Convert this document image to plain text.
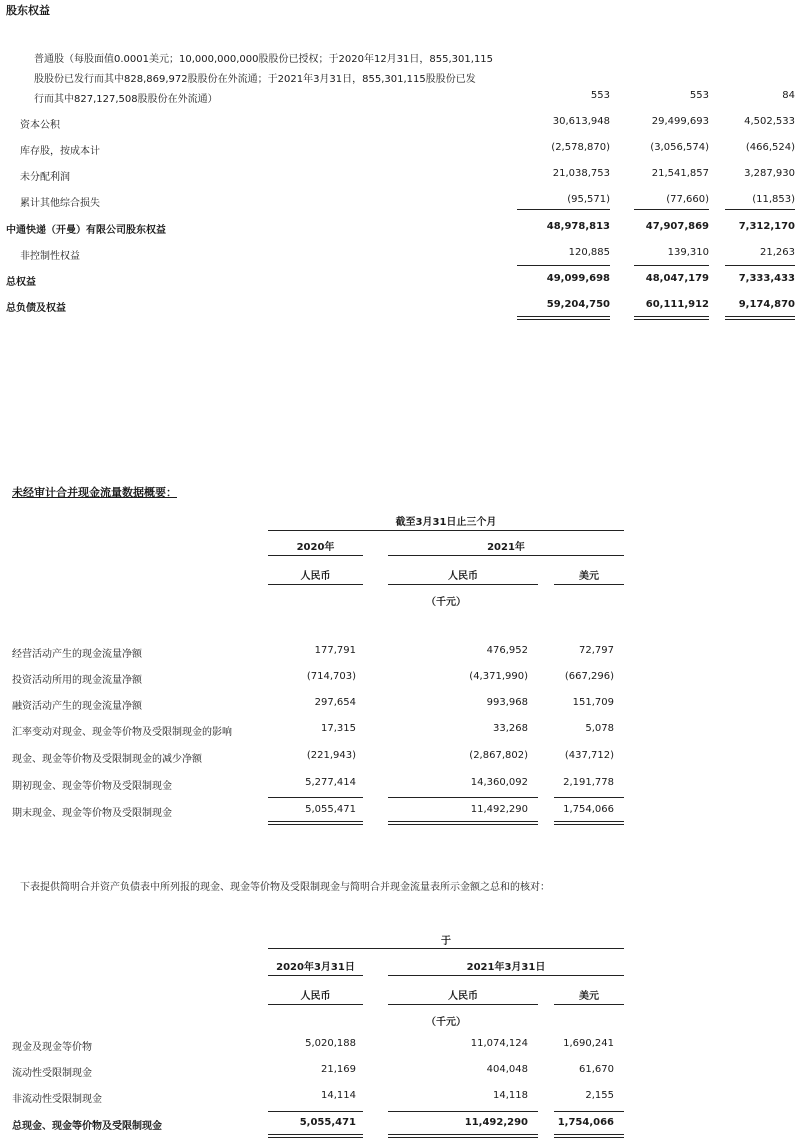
股东权益
普通股（每股面值0.0001美元；10,000,000,000股股份已授权；于2020年12月31日，855,301,115
股股份已发行而其中828,869,972股股份在外流通；于2021年3月31日，855,301,115股股份已发
行而其中827,127,508股股份在外流通）	553	553	84
资本公积	30,613,948	29,499,693	4,502,533
库存股，按成本计	(2,578,870)	(3,056,574)	(466,524)
未分配利润	21,038,753	21,541,857	3,287,930
累计其他综合损失	(95,571)	(77,660)	(11,853)
中通快递（开曼）有限公司股东权益	48,978,813	47,907,869	7,312,170
非控制性权益	120,885	139,310	21,263
总权益	49,099,698	48,047,179	7,333,433
总负债及权益	59,204,750	60,111,912	9,174,870
未经审计合并现金流量数据概要：
截至3月31日止三个月
2020年	2021年
人民币	人民币	美元
（千元）
经营活动产生的现金流量净额	177,791	476,952	72,797
投资活动所用的现金流量净额	(714,703)	(4,371,990)	(667,296)
融资活动产生的现金流量净额	297,654	993,968	151,709
汇率变动对现金、现金等价物及受限制现金的影响	17,315	33,268	5,078
现金、现金等价物及受限制现金的减少净额	(221,943)	(2,867,802)	(437,712)
期初现金、现金等价物及受限制现金	5,277,414	14,360,092	2,191,778
期末现金、现金等价物及受限制现金	5,055,471	11,492,290	1,754,066
下表提供简明合并资产负债表中所列报的现金、现金等价物及受限制现金与简明合并现金流量表所示金额之总和的核对：
于
2020年3月31日	2021年3月31日
人民币	人民币	美元
（千元）
现金及现金等价物	5,020,188	11,074,124	1,690,241
流动性受限制现金	21,169	404,048	61,670
非流动性受限制现金	14,114	14,118	2,155
总现金、现金等价物及受限制现金	5,055,471	11,492,290	1,754,066
